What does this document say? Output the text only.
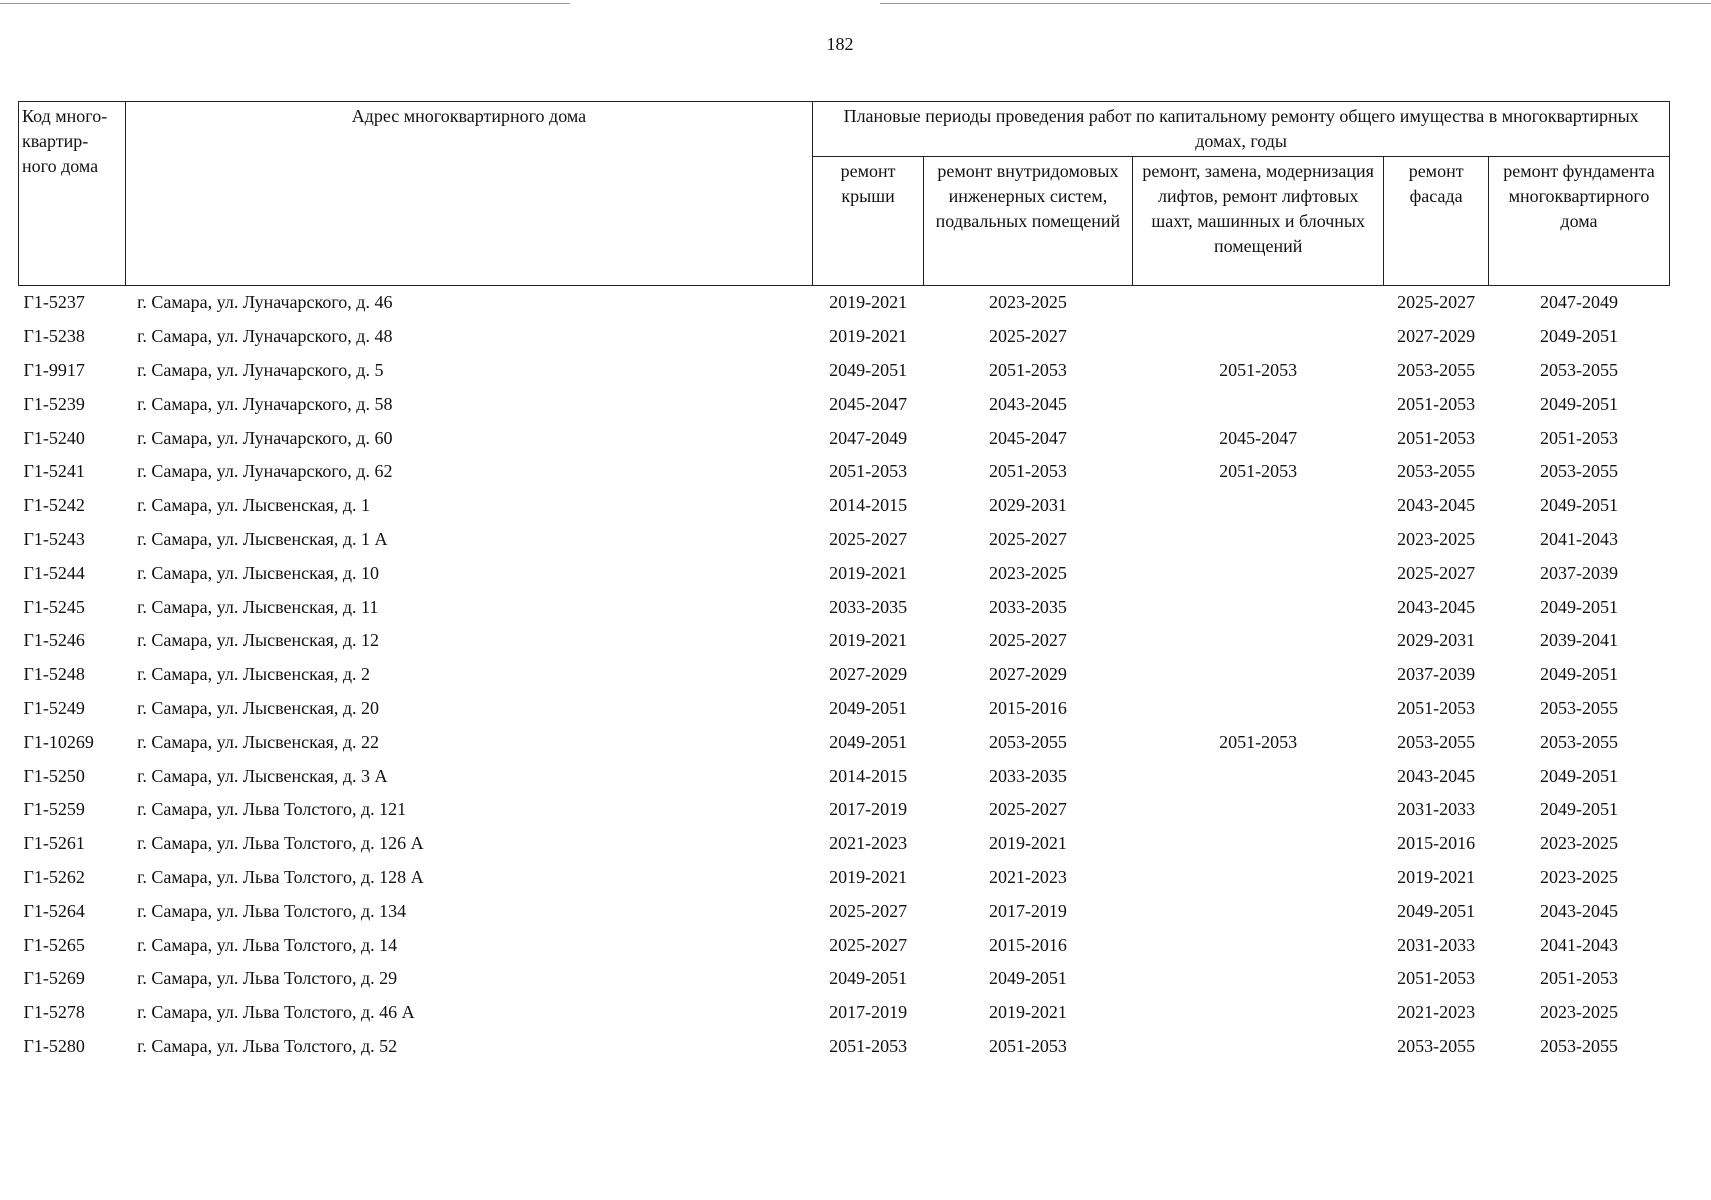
182
Код много-квартир-ного дома	Адрес многоквартирного дома	Плановые периоды проведения работ по капитальному ремонту общего имущества в многоквартирных домах, годы				
		ремонт крыши	ремонт внутридомовых инженерных систем, подвальных помещений	ремонт, замена, модернизация лифтов, ремонт лифтовых шахт, машинных и блочных помещений	ремонт фасада	ремонт фундамента многоквартирного дома
Г1-5237	г. Самара, ул. Луначарского, д. 46	2019-2021	2023-2025		2025-2027	2047-2049
Г1-5238	г. Самара, ул. Луначарского, д. 48	2019-2021	2025-2027		2027-2029	2049-2051
Г1-9917	г. Самара, ул. Луначарского, д. 5	2049-2051	2051-2053	2051-2053	2053-2055	2053-2055
Г1-5239	г. Самара, ул. Луначарского, д. 58	2045-2047	2043-2045		2051-2053	2049-2051
Г1-5240	г. Самара, ул. Луначарского, д. 60	2047-2049	2045-2047	2045-2047	2051-2053	2051-2053
Г1-5241	г. Самара, ул. Луначарского, д. 62	2051-2053	2051-2053	2051-2053	2053-2055	2053-2055
Г1-5242	г. Самара, ул. Лысвенская, д. 1	2014-2015	2029-2031		2043-2045	2049-2051
Г1-5243	г. Самара, ул. Лысвенская, д. 1 А	2025-2027	2025-2027		2023-2025	2041-2043
Г1-5244	г. Самара, ул. Лысвенская, д. 10	2019-2021	2023-2025		2025-2027	2037-2039
Г1-5245	г. Самара, ул. Лысвенская, д. 11	2033-2035	2033-2035		2043-2045	2049-2051
Г1-5246	г. Самара, ул. Лысвенская, д. 12	2019-2021	2025-2027		2029-2031	2039-2041
Г1-5248	г. Самара, ул. Лысвенская, д. 2	2027-2029	2027-2029		2037-2039	2049-2051
Г1-5249	г. Самара, ул. Лысвенская, д. 20	2049-2051	2015-2016		2051-2053	2053-2055
Г1-10269	г. Самара, ул. Лысвенская, д. 22	2049-2051	2053-2055	2051-2053	2053-2055	2053-2055
Г1-5250	г. Самара, ул. Лысвенская, д. 3 А	2014-2015	2033-2035		2043-2045	2049-2051
Г1-5259	г. Самара, ул. Льва Толстого, д. 121	2017-2019	2025-2027		2031-2033	2049-2051
Г1-5261	г. Самара, ул. Льва Толстого, д. 126 А	2021-2023	2019-2021		2015-2016	2023-2025
Г1-5262	г. Самара, ул. Льва Толстого, д. 128 А	2019-2021	2021-2023		2019-2021	2023-2025
Г1-5264	г. Самара, ул. Льва Толстого, д. 134	2025-2027	2017-2019		2049-2051	2043-2045
Г1-5265	г. Самара, ул. Льва Толстого, д. 14	2025-2027	2015-2016		2031-2033	2041-2043
Г1-5269	г. Самара, ул. Льва Толстого, д. 29	2049-2051	2049-2051		2051-2053	2051-2053
Г1-5278	г. Самара, ул. Льва Толстого, д. 46 А	2017-2019	2019-2021		2021-2023	2023-2025
Г1-5280	г. Самара, ул. Льва Толстого, д. 52	2051-2053	2051-2053		2053-2055	2053-2055
